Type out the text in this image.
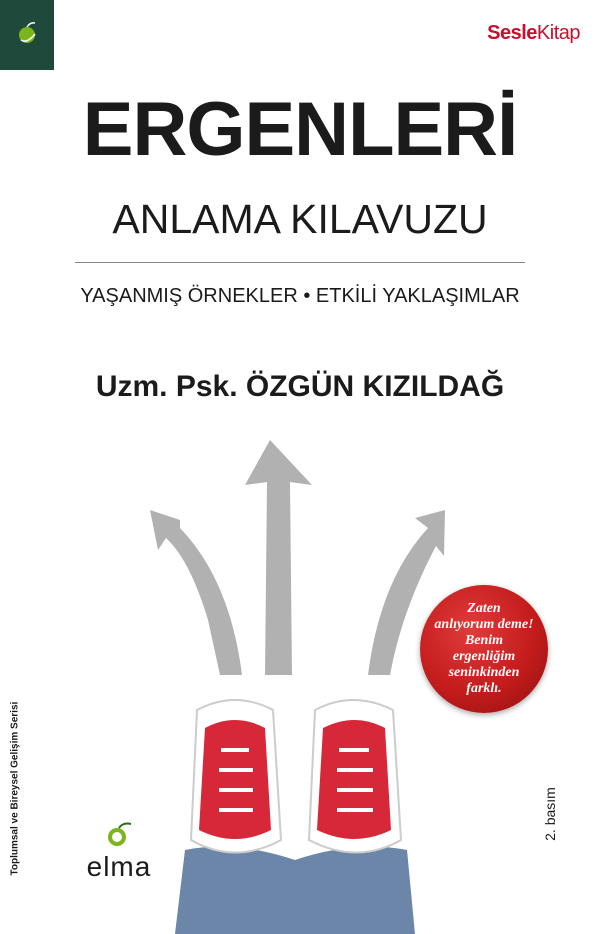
SesleKitap
ERGENLERİ
ANLAMA KILAVUZU
YAŞANMIŞ ÖRNEKLER • ETKİLİ YAKLAŞIMLAR
Uzm. Psk. ÖZGÜN KIZILDAĞ
Zaten
anlıyorum deme!
Benim ergenliğim
seninkinden
farklı.
Toplumsal ve Bireysel Gelişim Serisi	2. basım
elma
